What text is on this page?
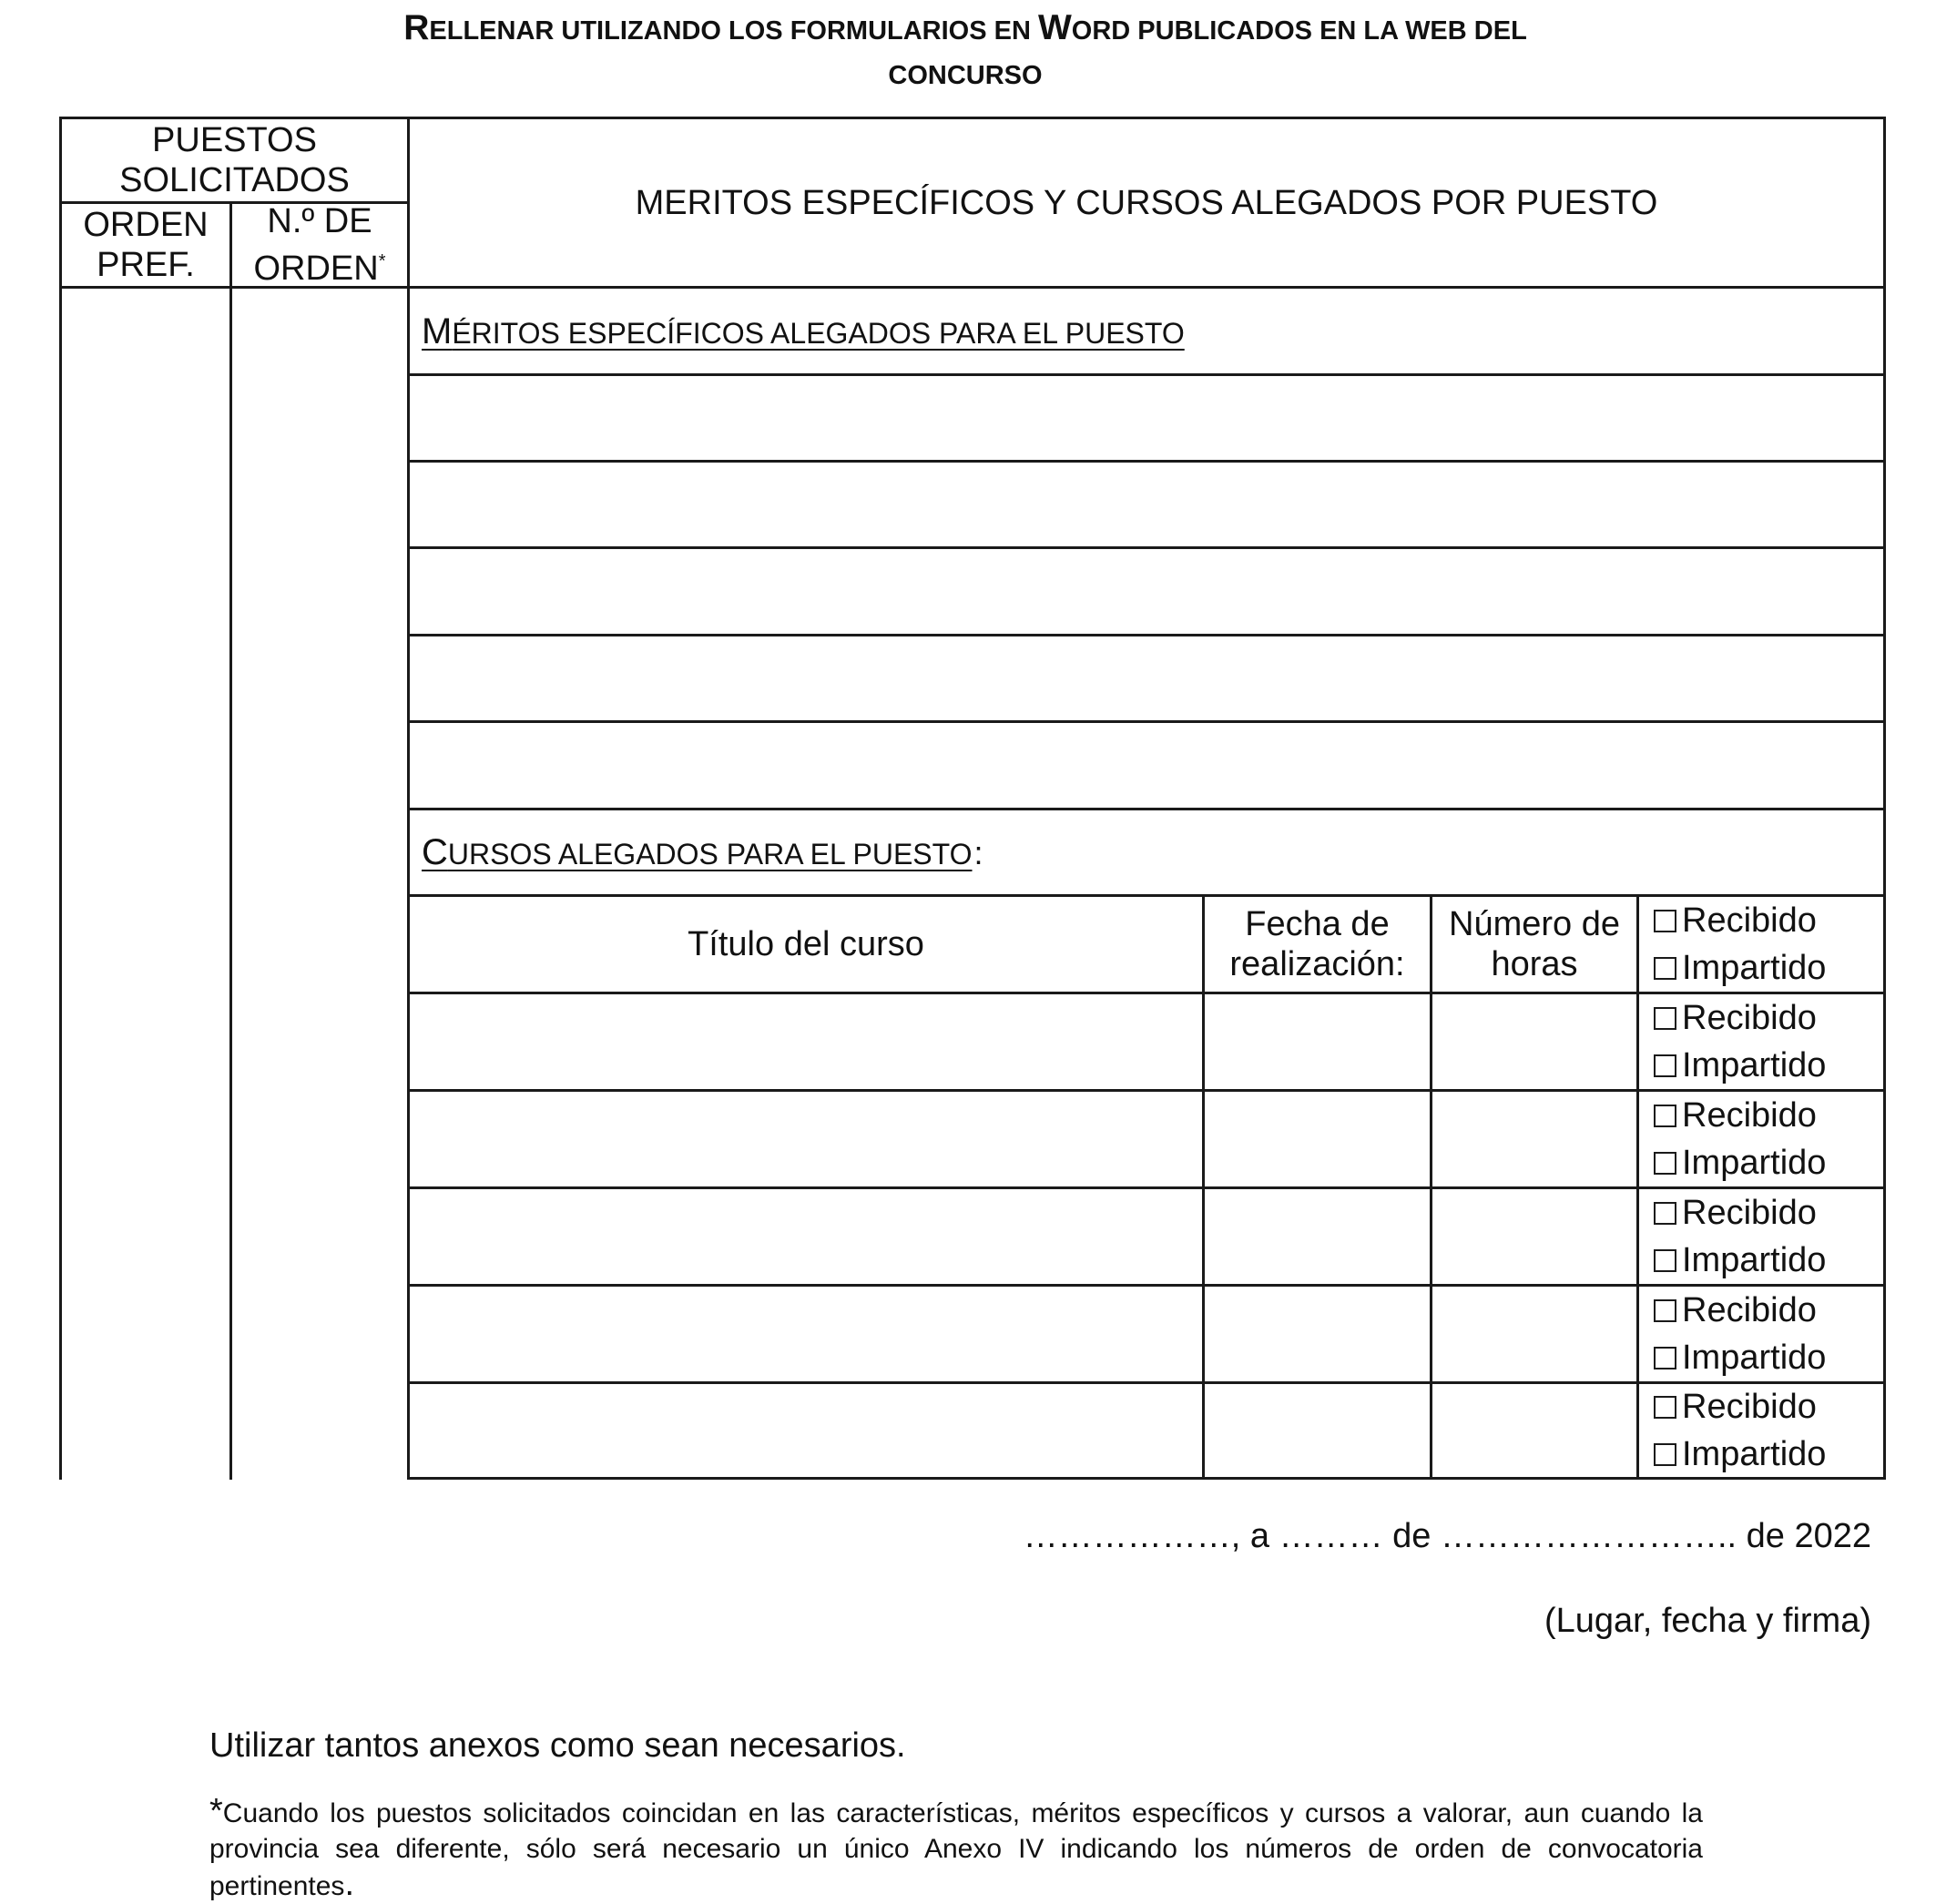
RELLENAR UTILIZANDO LOS FORMULARIOS EN WORD PUBLICADOS EN LA WEB DEL
CONCURSO
PUESTOS SOLICITADOS
ORDEN PREF.
N.º DE
ORDEN*
MERITOS ESPECÍFICOS Y CURSOS ALEGADOS POR PUESTO
MÉRITOS ESPECÍFICOS ALEGADOS PARA EL PUESTO
CURSOS ALEGADOS PARA EL PUESTO:
Título del curso
Fecha de realización:
Número de horas
Recibido
Impartido
Recibido
Impartido
Recibido
Impartido
Recibido
Impartido
Recibido
Impartido
Recibido
Impartido
………………, a ……… de …………………….. de 2022
(Lugar, fecha y firma)
Utilizar tantos anexos como sean necesarios.
*Cuando los puestos solicitados coincidan en las características, méritos específicos y cursos a valorar, aun cuando la provincia sea diferente, sólo será necesario un único Anexo IV indicando los números de orden de convocatoria pertinentes.
